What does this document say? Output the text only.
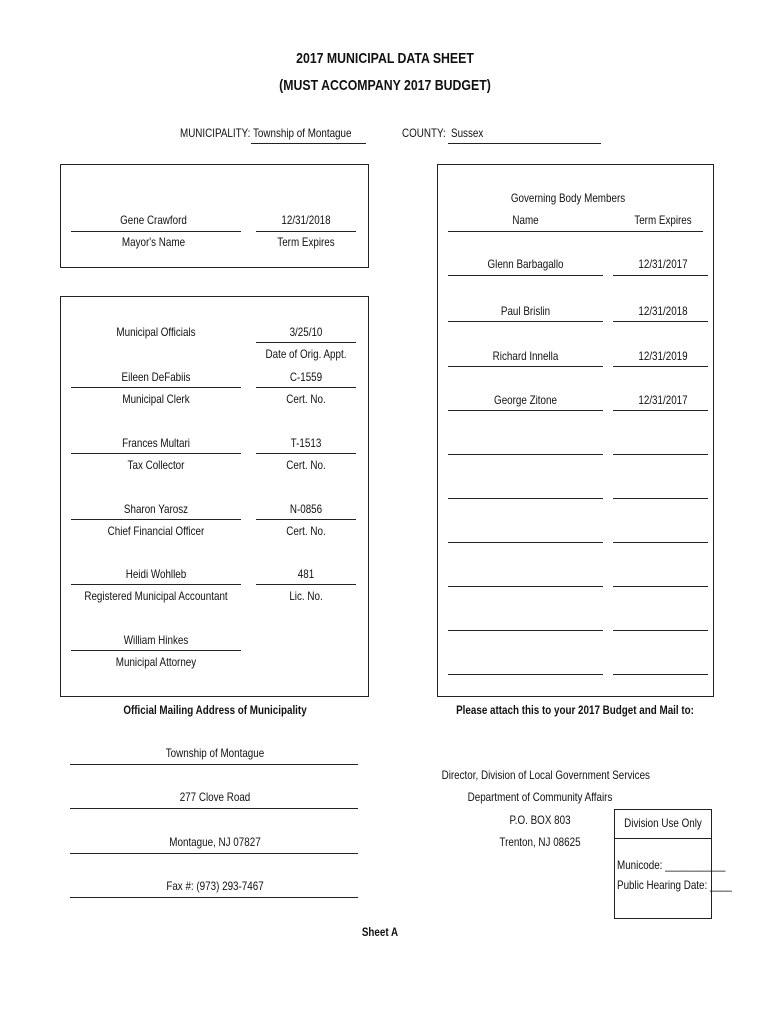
2017 MUNICIPAL DATA SHEET
(MUST ACCOMPANY 2017 BUDGET)
MUNICIPALITY: Township of Montague	COUNTY: Sussex
Gene Crawford	12/31/2018
Mayor's Name	Term Expires
Municipal Officials	3/25/10
Date of Orig. Appt.
Eileen DeFabiis	C-1559
Municipal Clerk	Cert. No.
Frances Multari	T-1513
Tax Collector	Cert. No.
Sharon Yarosz	N-0856
Chief Financial Officer	Cert. No.
Heidi Wohlleb	481
Registered Municipal Accountant	Lic. No.
William Hinkes
Municipal Attorney
Governing Body Members
Name	Term Expires
Glenn Barbagallo	12/31/2017
Paul Brislin	12/31/2018
Richard Innella	12/31/2019
George Zitone	12/31/2017
Official Mailing Address of Municipality
Township of Montague
277 Clove Road
Montague, NJ 07827
Fax #: (973) 293-7467
Please attach this to your 2017 Budget and Mail to:
Director, Division of Local Government Services
Department of Community Affairs
P.O. BOX 803
Trenton, NJ 08625
Division Use Only
Municode: ___________
Public Hearing Date: ____
Sheet A
